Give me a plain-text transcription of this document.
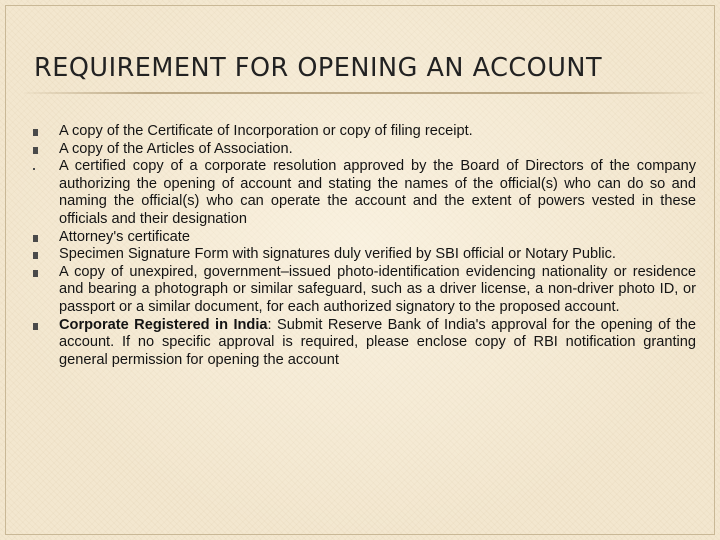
REQUIREMENT FOR OPENING AN ACCOUNT
A copy of the Certificate of Incorporation or copy of filing receipt.
A copy of the Articles of Association.
A certified copy of a corporate resolution approved by the Board of Directors of the company authorizing the opening of account and stating the names of the official(s) who can do so and naming the official(s) who can operate the account and the extent of powers vested in these officials and their designation
Attorney's certificate
Specimen Signature Form with signatures duly verified by SBI official or Notary Public.
A copy of unexpired, government–issued photo-identification evidencing nationality or residence and bearing a photograph or similar safeguard, such as a driver license, a non-driver photo ID, or passport or a similar document, for each authorized signatory to the proposed account.
Corporate Registered in India: Submit Reserve Bank of India's approval for the opening of the account. If no specific approval is required, please enclose copy of RBI notification granting general permission for opening the account
